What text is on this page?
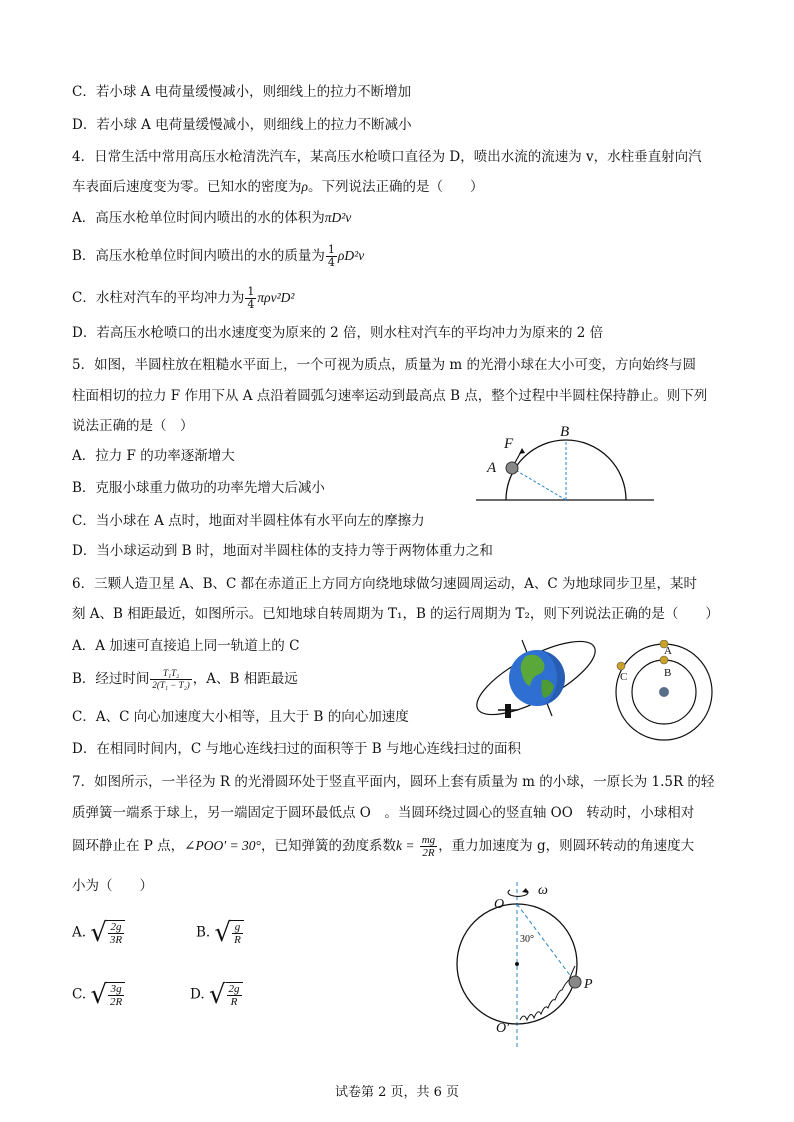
C．若小球 A 电荷量缓慢减小，则细线上的拉力不断增加
D．若小球 A 电荷量缓慢减小，则细线上的拉力不断减小
4．日常生活中常用高压水枪清洗汽车，某高压水枪喷口直径为 D，喷出水流的流速为 v，水柱垂直射向汽
车表面后速度变为零。已知水的密度为ρ。下列说法正确的是（　　）
A．高压水枪单位时间内喷出的水的体积为πD²v
B．高压水枪单位时间内喷出的水的质量为 $\frac{1}{4} \rho D^2v$
C．水柱对汽车的平均冲力为 $\frac{1}{4} \pi\rho v^2D^2$
D．若高压水枪喷口的出水速度变为原来的 2 倍，则水柱对汽车的平均冲力为原来的 2 倍
5．如图，半圆柱放在粗糙水平面上，一个可视为质点，质量为 m 的光滑小球在大小可变，方向始终与圆
柱面相切的拉力 F 作用下从 A 点沿着圆弧匀速率运动到最高点 B 点，整个过程中半圆柱保持静止。则下列
说法正确的是（　）
A．拉力 F 的功率逐渐增大
B．克服小球重力做功的功率先增大后减小
C．当小球在 A 点时，地面对半圆柱体有水平向左的摩擦力
D．当小球运动到 B 时，地面对半圆柱体的支持力等于两物体重力之和
6．三颗人造卫星 A、B、C 都在赤道正上方同方向绕地球做匀速圆周运动，A、C 为地球同步卫星，某时
刻 A、B 相距最近，如图所示。已知地球自转周期为 T₁，B 的运行周期为 T₂，则下列说法正确的是（　　）
A．A 加速可直接追上同一轨道上的 C
B．经过时间 $\frac{\text{T₁T₂}}{\text{2(T₁ − T₂)}}$ ，A、B 相距最远
C．A、C 向心加速度大小相等，且大于 B 的向心加速度
D．在相同时间内，C 与地心连线扫过的面积等于 B 与地心连线扫过的面积
7．如图所示，一半径为 R 的光滑圆环处于竖直平面内，圆环上套有质量为 m 的小球，一原长为 1.5R 的轻
质弹簧一端系于球上，另一端固定于圆环最低点 O　。当圆环绕过圆心的竖直轴 OO　转动时，小球相对
圆环静止在 P 点，∠POO′ = 30°，已知弹簧的劲度系数$k = \frac{mg}{2R}$ ，重力加速度为 g，则圆环转动的角速度大
小为（　　）
A. √ $\frac{2g}{3R}$	B. √ $\frac{g}{R}$
C. √ $\frac{3g}{2R}$	D. √ $\frac{2g}{R}$
F
A
B
A
B
C
O
ω
30°
P
O′
试卷第 2 页，共 6 页
